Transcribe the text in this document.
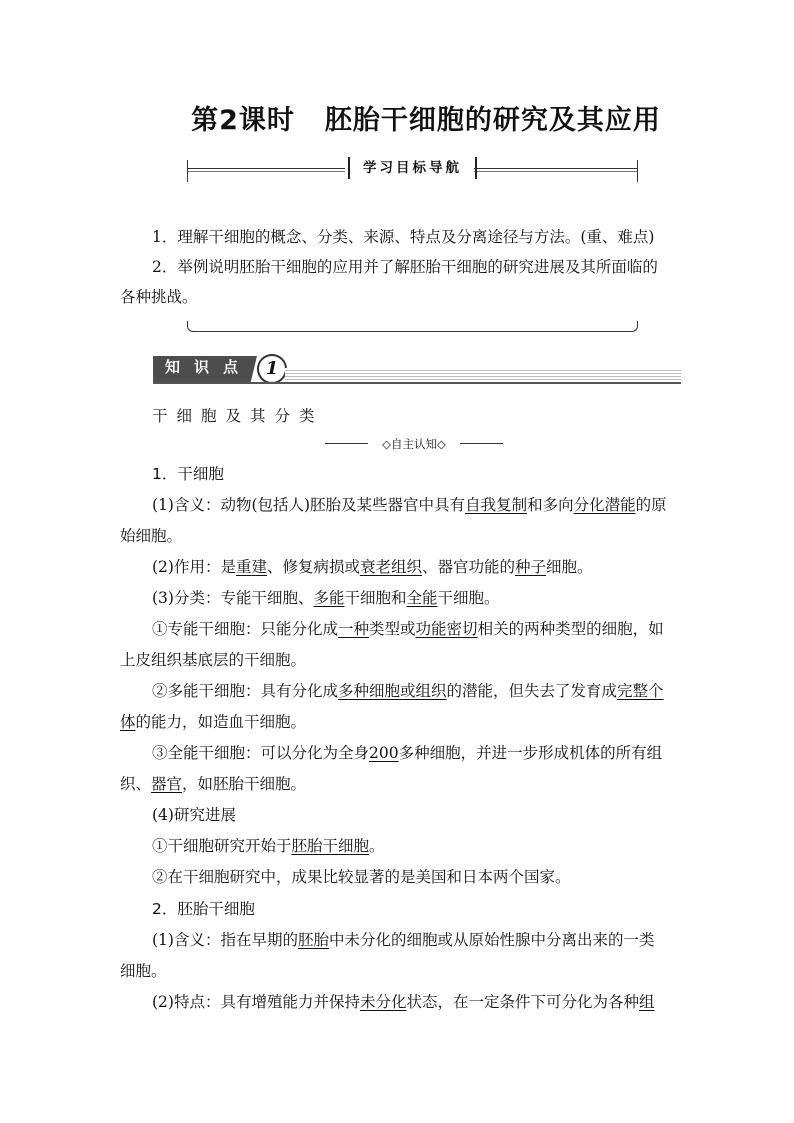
第2课时 胚胎干细胞的研究及其应用
学习目标导航
1．理解干细胞的概念、分类、来源、特点及分离途径与方法。(重、难点)
2．举例说明胚胎干细胞的应用并了解胚胎干细胞的研究进展及其所面临的
各种挑战。
知识点 1
干细胞及其分类
◇自主认知◇
1．干细胞
(1)含义：动物(包括人)胚胎及某些器官中具有自我复制和多向分化潜能的原
始细胞。
(2)作用：是重建、修复病损或衰老组织、器官功能的种子细胞。
(3)分类：专能干细胞、多能干细胞和全能干细胞。
①专能干细胞：只能分化成一种类型或功能密切相关的两种类型的细胞，如
上皮组织基底层的干细胞。
②多能干细胞：具有分化成多种细胞或组织的潜能，但失去了发育成完整个
体的能力，如造血干细胞。
③全能干细胞：可以分化为全身200多种细胞，并进一步形成机体的所有组
织、器官，如胚胎干细胞。
(4)研究进展
①干细胞研究开始于胚胎干细胞。
②在干细胞研究中，成果比较显著的是美国和日本两个国家。
2．胚胎干细胞
(1)含义：指在早期的胚胎中未分化的细胞或从原始性腺中分离出来的一类
细胞。
(2)特点：具有增殖能力并保持未分化状态，在一定条件下可分化为各种组
